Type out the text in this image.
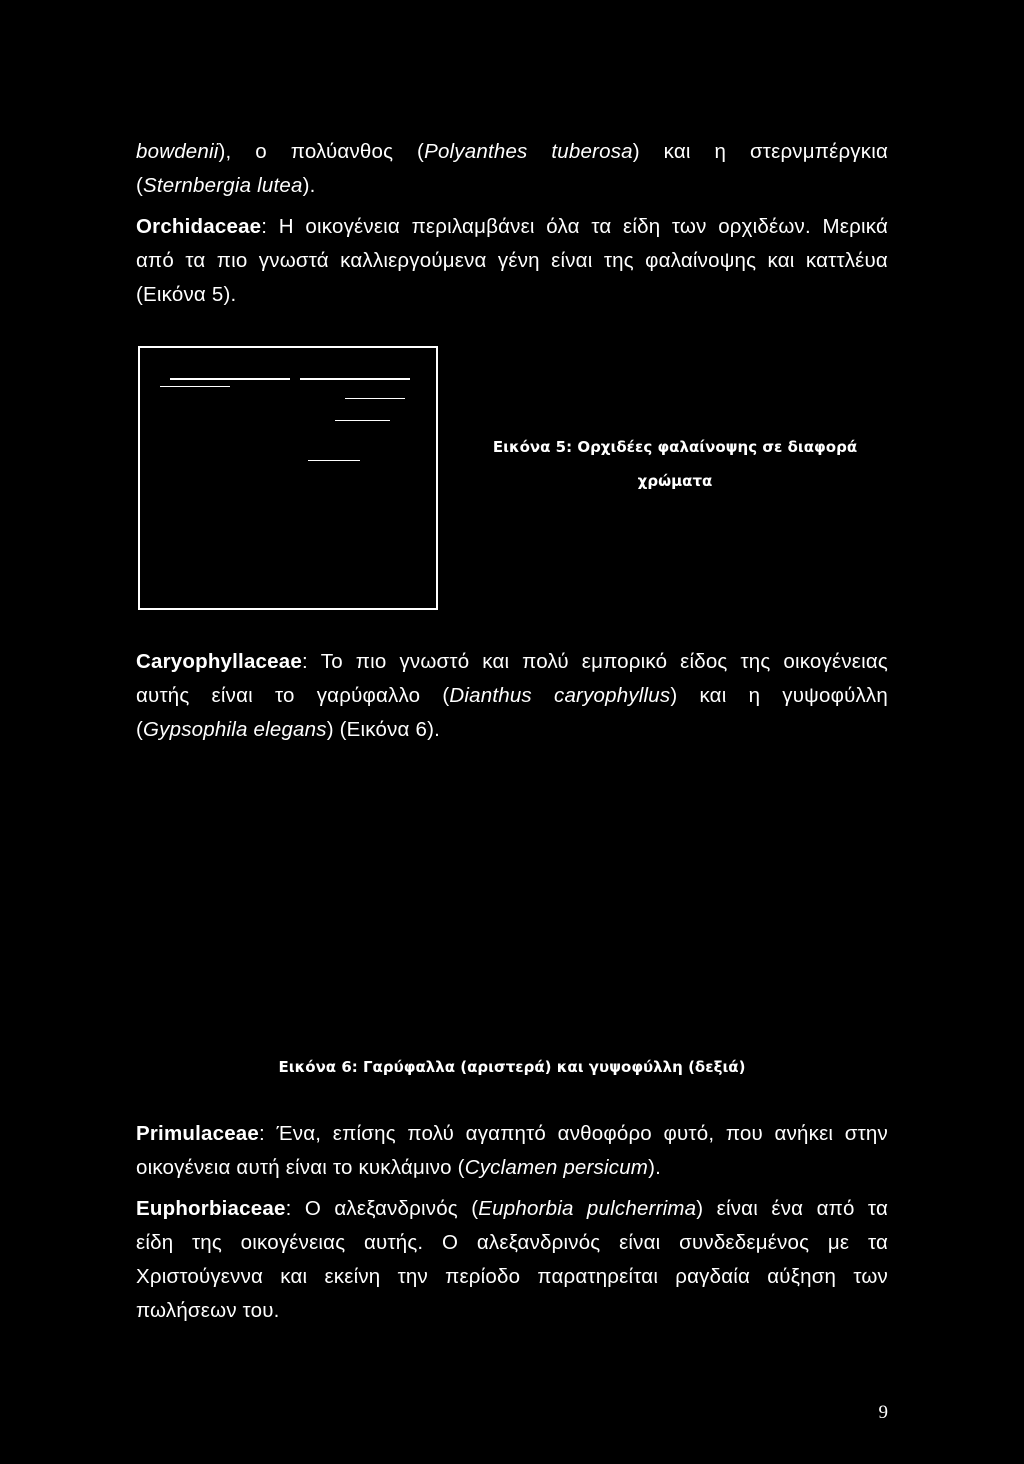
bowdenii), ο πολύανθος (Polyanthes tuberosa) και η στερνμπέργκια
(Sternbergia lutea).
Orchidaceae: Η οικογένεια περιλαμβάνει όλα τα είδη των ορχιδέων. Μερικά
από τα πιο γνωστά καλλιεργούμενα γένη είναι της φαλαίνοψης και καττλέυα
(Εικόνα 5).
Εικόνα 5: Ορχιδέες φαλαίνοψης σε διαφορά
χρώματα
Caryophyllaceae: Το πιο γνωστό και πολύ εμπορικό είδος της οικογένειας
αυτής είναι το γαρύφαλλο (Dianthus caryophyllus) και η γυψοφύλλη
(Gypsophila elegans) (Εικόνα 6).
Εικόνα 6: Γαρύφαλλα (αριστερά) και γυψοφύλλη (δεξιά)
Primulaceae: Ένα, επίσης πολύ αγαπητό ανθοφόρο φυτό, που ανήκει στην
οικογένεια αυτή είναι το κυκλάμινο (Cyclamen persicum).
Euphorbiaceae: Ο αλεξανδρινός (Euphorbia pulcherrima) είναι ένα από τα
είδη της οικογένειας αυτής. Ο αλεξανδρινός είναι συνδεδεμένος με τα
Χριστούγεννα και εκείνη την περίοδο παρατηρείται ραγδαία αύξηση των
πωλήσεων του.
9
